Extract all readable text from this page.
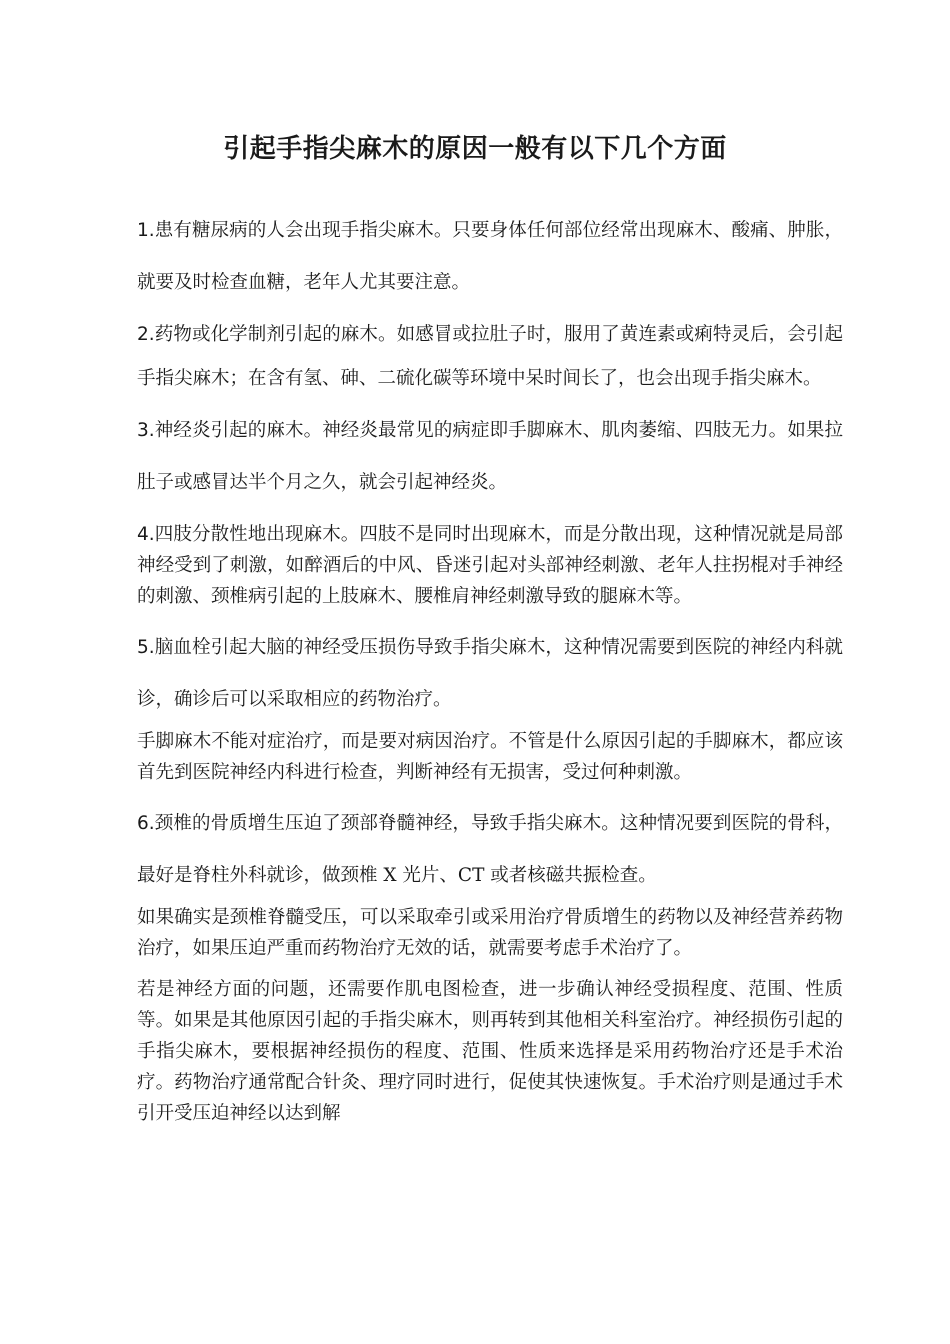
引起手指尖麻木的原因一般有以下几个方面

1.患有糖尿病的人会出现手指尖麻木。只要身体任何部位经常出现麻木、酸痛、肿胀，就要及时检查血糖，老年人尤其要注意。

2.药物或化学制剂引起的麻木。如感冒或拉肚子时，服用了黄连素或痢特灵后，会引起手指尖麻木；在含有氢、砷、二硫化碳等环境中呆时间长了，也会出现手指尖麻木。

3.神经炎引起的麻木。神经炎最常见的病症即手脚麻木、肌肉萎缩、四肢无力。如果拉肚子或感冒达半个月之久，就会引起神经炎。

4.四肢分散性地出现麻木。四肢不是同时出现麻木，而是分散出现，这种情况就是局部神经受到了刺激，如醉酒后的中风、昏迷引起对头部神经刺激、老年人拄拐棍对手神经的刺激、颈椎病引起的上肢麻木、腰椎肩神经刺激导致的腿麻木等。

5.脑血栓引起大脑的神经受压损伤导致手指尖麻木，这种情况需要到医院的神经内科就诊，确诊后可以采取相应的药物治疗。

手脚麻木不能对症治疗，而是要对病因治疗。不管是什么原因引起的手脚麻木，都应该首先到医院神经内科进行检查，判断神经有无损害，受过何种刺激。

6.颈椎的骨质增生压迫了颈部脊髓神经，导致手指尖麻木。这种情况要到医院的骨科，最好是脊柱外科就诊，做颈椎 X 光片、CT 或者核磁共振检查。

如果确实是颈椎脊髓受压，可以采取牵引或采用治疗骨质增生的药物以及神经营养药物治疗，如果压迫严重而药物治疗无效的话，就需要考虑手术治疗了。

若是神经方面的问题，还需要作肌电图检查，进一步确认神经受损程度、范围、性质等。如果是其他原因引起的手指尖麻木，则再转到其他相关科室治疗。神经损伤引起的手指尖麻木，要根据神经损伤的程度、范围、性质来选择是采用药物治疗还是手术治疗。药物治疗通常配合针灸、理疗同时进行，促使其快速恢复。手术治疗则是通过手术引开受压迫神经以达到解
